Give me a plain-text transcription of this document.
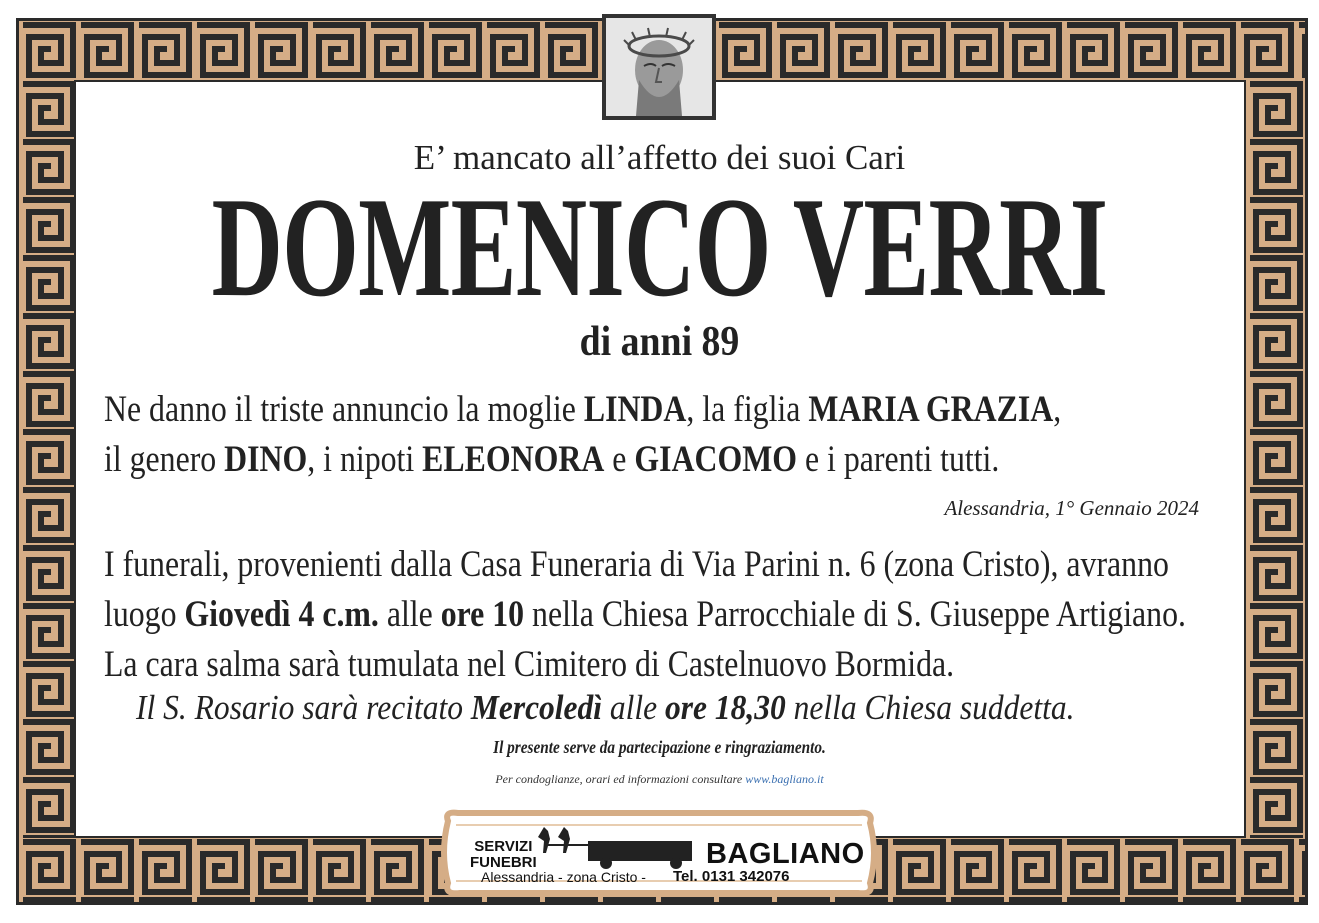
E’ mancato all’affetto dei suoi Cari
DOMENICO VERRI
di anni 89
Ne danno il triste annuncio la moglie LINDA, la figlia MARIA GRAZIA,
il genero DINO, i nipoti ELEONORA e GIACOMO e i parenti tutti.
Alessandria, 1° Gennaio 2024
I funerali, provenienti dalla Casa Funeraria di Via Parini n. 6 (zona Cristo), avranno
luogo Giovedì 4 c.m. alle ore 10 nella Chiesa Parrocchiale di S. Giuseppe Artigiano.
La cara salma sarà tumulata nel Cimitero di Castelnuovo Bormida.
Il S. Rosario sarà recitato Mercoledì alle ore 18,30 nella Chiesa suddetta.
Il presente serve da partecipazione e ringraziamento.
Per condoglianze, orari ed informazioni consultare www.bagliano.it
SERVIZI
FUNEBRI	BAGLIANO
Alessandria - zona Cristo - Tel. 0131 342076
